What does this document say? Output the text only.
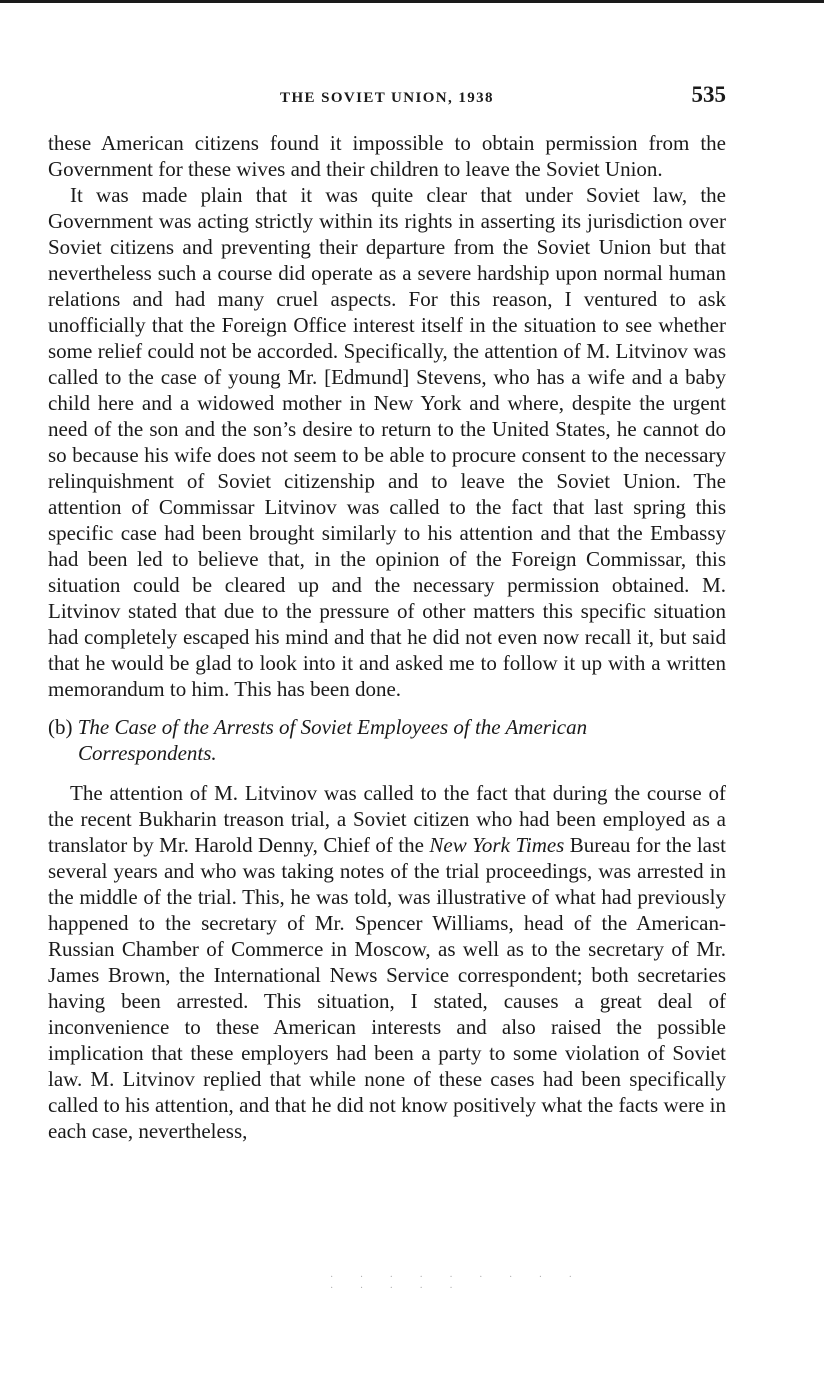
THE SOVIET UNION, 1938	535

these American citizens found it impossible to obtain permission from the Government for these wives and their children to leave the Soviet Union.

It was made plain that it was quite clear that under Soviet law, the Government was acting strictly within its rights in asserting its jurisdiction over Soviet citizens and preventing their departure from the Soviet Union but that nevertheless such a course did operate as a severe hardship upon normal human relations and had many cruel aspects. For this reason, I ventured to ask unofficially that the Foreign Office interest itself in the situation to see whether some relief could not be accorded. Specifically, the attention of M. Litvinov was called to the case of young Mr. [Edmund] Stevens, who has a wife and a baby child here and a widowed mother in New York and where, despite the urgent need of the son and the son’s desire to return to the United States, he cannot do so because his wife does not seem to be able to procure consent to the necessary relinquishment of Soviet citizenship and to leave the Soviet Union. The attention of Commissar Litvinov was called to the fact that last spring this specific case had been brought similarly to his attention and that the Embassy had been led to believe that, in the opinion of the Foreign Commissar, this situation could be cleared up and the necessary permission obtained. M. Litvinov stated that due to the pressure of other matters this specific situation had completely escaped his mind and that he did not even now recall it, but said that he would be glad to look into it and asked me to follow it up with a written memorandum to him. This has been done.

(b) The Case of the Arrests of Soviet Employees of the American Correspondents.

The attention of M. Litvinov was called to the fact that during the course of the recent Bukharin treason trial, a Soviet citizen who had been employed as a translator by Mr. Harold Denny, Chief of the New York Times Bureau for the last several years and who was taking notes of the trial proceedings, was arrested in the middle of the trial. This, he was told, was illustrative of what had previously happened to the secretary of Mr. Spencer Williams, head of the American-Russian Chamber of Commerce in Moscow, as well as to the secretary of Mr. James Brown, the International News Service correspondent; both secretaries having been arrested. This situation, I stated, causes a great deal of inconvenience to these American interests and also raised the possible implication that these employers had been a party to some violation of Soviet law. M. Litvinov replied that while none of these cases had been specifically called to his attention, and that he did not know positively what the facts were in each case, nevertheless,

· · · · · · · · · · · · · ·
